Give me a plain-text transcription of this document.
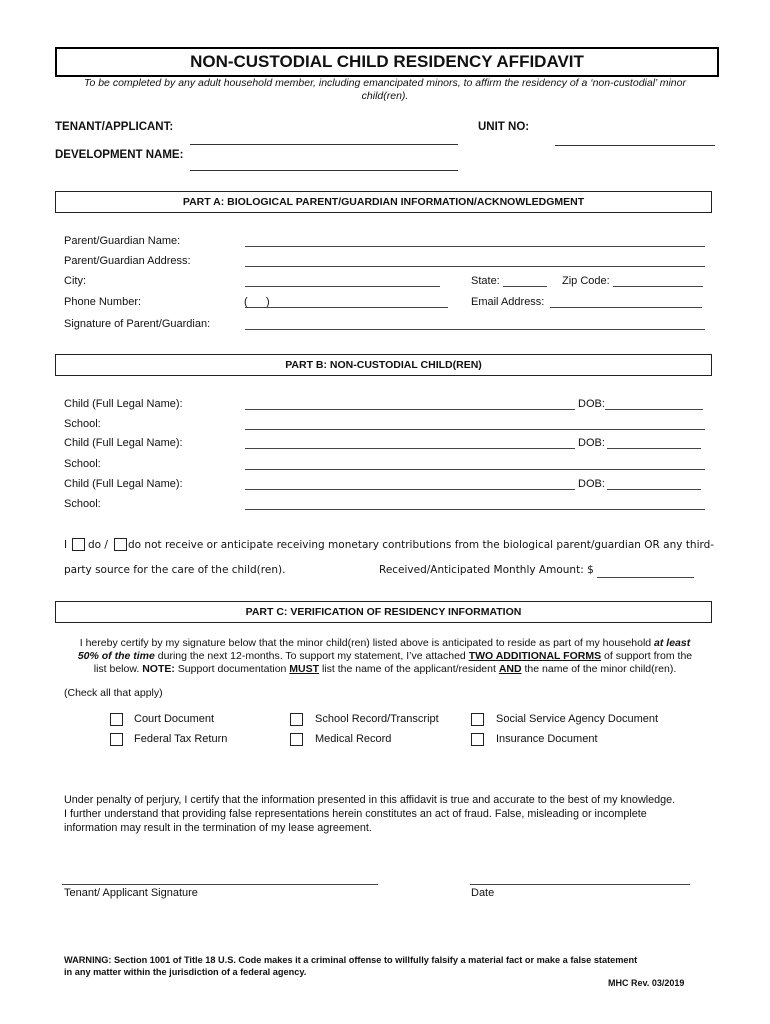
NON-CUSTODIAL CHILD RESIDENCY AFFIDAVIT
To be completed by any adult household member, including emancipated minors, to affirm the residency of a ‘non-custodial’ minor child(ren).
TENANT/APPLICANT:	UNIT NO:
DEVELOPMENT NAME:
PART A: BIOLOGICAL PARENT/GUARDIAN INFORMATION/ACKNOWLEDGMENT
Parent/Guardian Name:
Parent/Guardian Address:
City:	State:	Zip Code:
Phone Number:	(      )	Email Address:
Signature of Parent/Guardian:
PART B: NON-CUSTODIAL CHILD(REN)
Child (Full Legal Name):	DOB:
School:
Child (Full Legal Name):	DOB:
School:
Child (Full Legal Name):	DOB:
School:
I do / do not receive or anticipate receiving monetary contributions from the biological parent/guardian OR any third-
party source for the care of the child(ren).	Received/Anticipated Monthly Amount: $
PART C: VERIFICATION OF RESIDENCY INFORMATION
I hereby certify by my signature below that the minor child(ren) listed above is anticipated to reside as part of my household at least
50% of the time during the next 12-months. To support my statement, I’ve attached TWO ADDITIONAL FORMS of support from the
list below. NOTE: Support documentation MUST list the name of the applicant/resident AND the name of the minor child(ren).
(Check all that apply)
Court Document	School Record/Transcript	Social Service Agency Document
Federal Tax Return	Medical Record	Insurance Document
Under penalty of perjury, I certify that the information presented in this affidavit is true and accurate to the best of my knowledge.
I further understand that providing false representations herein constitutes an act of fraud. False, misleading or incomplete
information may result in the termination of my lease agreement.
Tenant/ Applicant Signature	Date
WARNING: Section 1001 of Title 18 U.S. Code makes it a criminal offense to willfully falsify a material fact or make a false statement
in any matter within the jurisdiction of a federal agency.
MHC Rev. 03/2019
